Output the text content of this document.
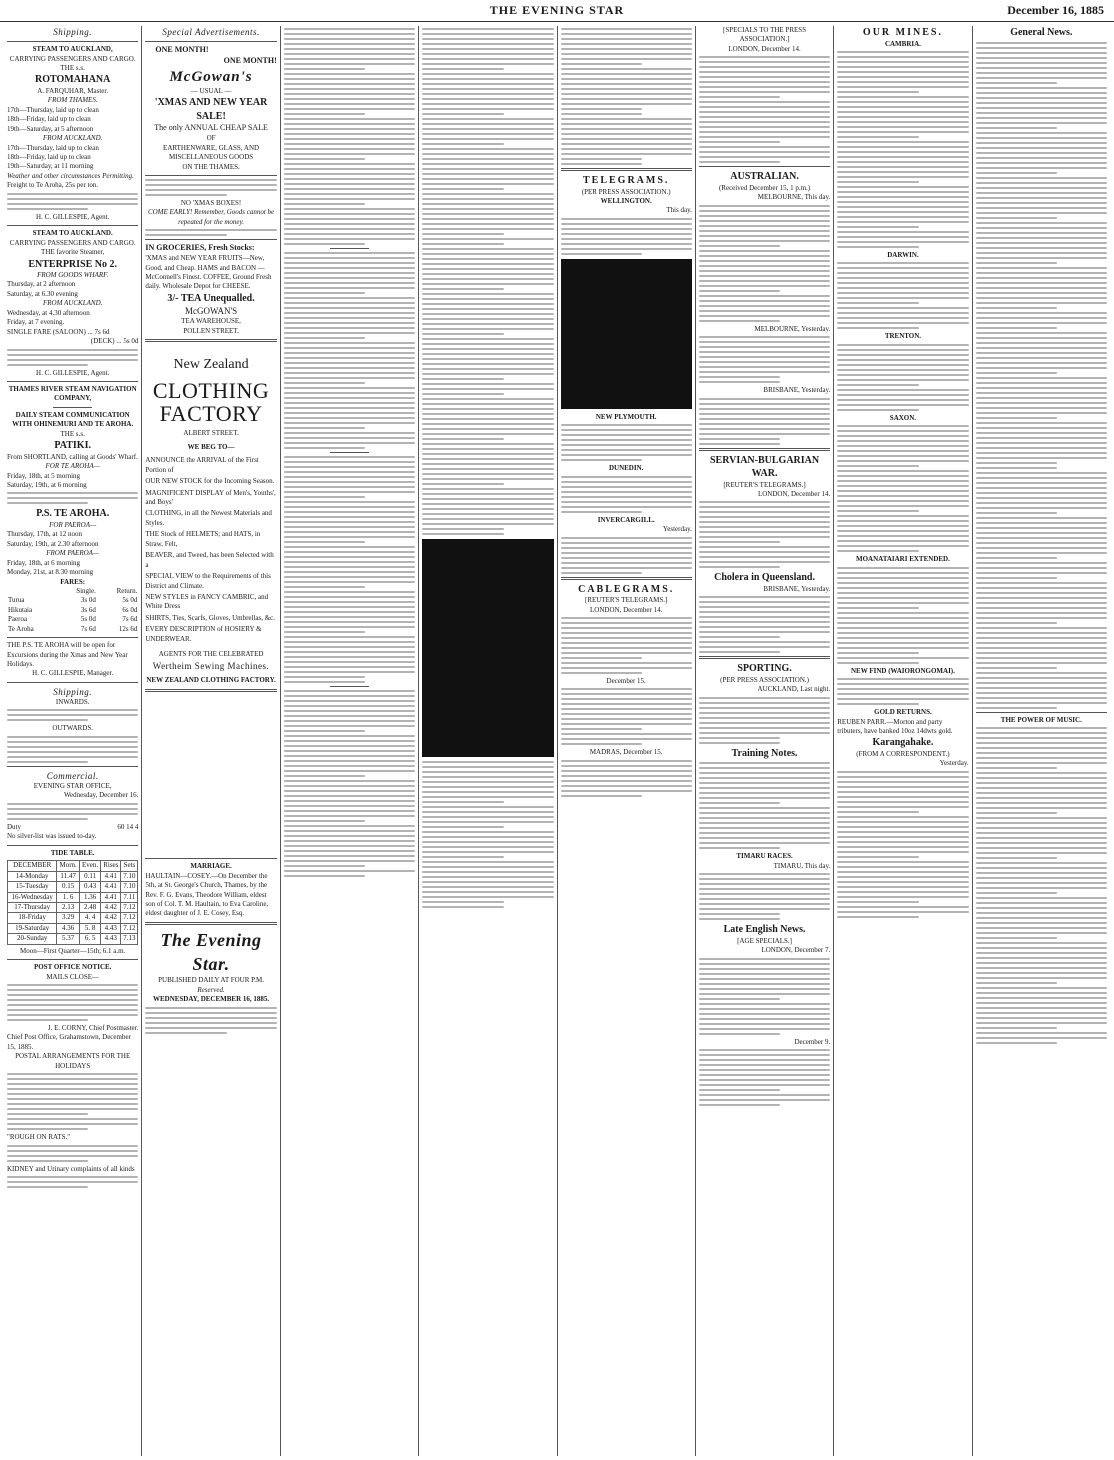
THE EVENING STAR	December 16, 1885
Shipping.
STEAM TO AUCKLAND,
CARRYING PASSENGERS AND CARGO.
THE s.s.
ROTOMAHANA
A. FARQUHAR, Master.
FROM THAMES.
17th—Thursday, laid up to clean
18th—Friday, laid up to clean
19th—Saturday, at 5 afternoon
FROM AUCKLAND.
17th—Thursday, laid up to clean
18th—Friday, laid up to clean
19th—Saturday, at 11 morning
Weather and other circumstances Permitting.
Freight to Te Aroha, 25s per ton.
H. C. GILLESPIE, Agent.
STEAM TO AUCKLAND.
CARRYING PASSENGERS AND CARGO.
THE favorite Steamer,
ENTERPRISE No 2.
FROM GOODS WHARF.
Thursday, at 2 afternoon
Saturday, at 6.30 evening
FROM AUCKLAND.
Wednesday, at 4.30 afternoon
Friday, at 7 evening.
SINGLE FARE (SALOON) ... 7s 6d
(DECK) ... 5s 0d
H. C. GILLESPIE, Agent.
THAMES RIVER STEAM NAVIGATION COMPANY,
DAILY STEAM COMMUNICATION WITH OHINEMURI AND TE AROHA.
THE s.s.
PATIKI.
From SHORTLAND, calling at Goods' Wharf.
FOR TE AROHA—
Friday, 18th, at 5 morning
Saturday, 19th, at 6 morning
P.S. TE AROHA.
FOR PAEROA—
Thursday, 17th, at 12 noon
Saturday, 19th, at 2.30 afternoon
FROM PAEROA—
Friday, 18th, at 6 morning
Monday, 21st, at 8.30 morning
FARES:
	Single.	Return.
Turua	3s 0d	5s 0d
Hikutaia	3s 6d	6s 0d
Paeroa	5s 0d	7s 6d
Te Aroha	7s 6d	12s 6d
THE P.S. TE AROHA will be open for Excursions during the Xmas and New Year Holidays.
H. C. GILLESPIE, Manager.
Shipping.
INWARDS.
OUTWARDS.
Commercial.
EVENING STAR OFFICE,
Wednesday, December 16.
Duty	60 14 4
No silver-list was issued to-day.
TIDE TABLE.
DECEMBER	Morn.	Even.	Rises	Sets
14-Monday	11.47	0.11	4.41	7.10
15-Tuesday	0.15	0.43	4.41	7.10
16-Wednesday	1. 6	1.36	4.41	7.11
17-Thursday	2.13	2.48	4.42	7.12
18-Friday	3.29	4. 4	4.42	7.12
19-Saturday	4.36	5. 8	4.43	7.12
20-Sunday	5.37	6. 5	4.43	7.13
Moon—First Quarter—15th; 6.1 a.m.
POST OFFICE NOTICE.
MAILS CLOSE—
J. E. CORNY, Chief Postmaster.
Chief Post Office, Grahamstown, December 15, 1885.
POSTAL ARRANGEMENTS FOR THE HOLIDAYS
"ROUGH ON RATS."
KIDNEY and Urinary complaints of all kinds
Special Advertisements.
ONE MONTH!
ONE MONTH!
McGowan's
— USUAL —
'XMAS AND NEW YEAR
SALE!
The only ANNUAL CHEAP SALE
OF
EARTHENWARE, GLASS, AND MISCELLANEOUS GOODS
ON THE THAMES.
NO 'XMAS BOXES!
COME EARLY! Remember, Goods cannot be repeated for the money.
IN GROCERIES, Fresh Stocks:
'XMAS and NEW YEAR FRUITS—New, Good, and Cheap. HAMS and BACON — McConnell's Finest. COFFEE, Ground Fresh daily. Wholesale Depot for CHEESE.
3/- TEA Unequalled.
McGOWAN'S
TEA WAREHOUSE,
POLLEN STREET.
New Zealand
CLOTHING FACTORY
ALBERT STREET.
WE BEG TO—
ANNOUNCE the ARRIVAL of the First Portion of
OUR NEW STOCK for the Incoming Season.
MAGNIFICENT DISPLAY of Men's, Youths', and Boys'
CLOTHING, in all the Newest Materials and Styles.
THE Stock of HELMETS; and HATS, in Straw, Felt,
BEAVER, and Tweed, has been Selected with a
SPECIAL VIEW to the Requirements of this District and Climate.
NEW STYLES in FANCY CAMBRIC, and White Dress
SHIRTS, Ties, Scarfs, Gloves, Umbrellas, &c.
EVERY DESCRIPTION of HOSIERY & UNDERWEAR.
AGENTS FOR THE CELEBRATED
Wertheim Sewing Machines.
NEW ZEALAND CLOTHING FACTORY.
MARRIAGE.
HAULTAIN—COSEY.—On December the 5th, at St. George's Church, Thames, by the Rev. F. G. Evans, Theodore William, eldest son of Col. T. M. Haultain, to Eva Caroline, eldest daughter of J. E. Cosey, Esq.
The Evening Star.
PUBLISHED DAILY AT FOUR P.M.
Reserved.
WEDNESDAY, DECEMBER 16, 1885.
TELEGRAMS.
(PER PRESS ASSOCIATION.)
WELLINGTON.
This day.
NEW PLYMOUTH.
DUNEDIN.
INVERCARGILL.
Yesterday.
CABLEGRAMS.
[REUTER'S TELEGRAMS.]
LONDON, December 14.
December 15.
MADRAS, December 15.
[SPECIALS TO THE PRESS ASSOCIATION.]
LONDON, December 14.
AUSTRALIAN.
(Received December 15, 1 p.m.)
MELBOURNE, This day.
MELBOURNE, Yesterday.
BRISBANE, Yesterday.
SERVIAN-BULGARIAN WAR.
[REUTER'S TELEGRAMS.]
LONDON, December 14.
Cholera in Queensland.
BRISBANE, Yesterday.
SPORTING.
(PER PRESS ASSOCIATION.)
AUCKLAND, Last night.
Training Notes.
TIMARU RACES.
TIMARU, This day.
Late English News.
[AGE SPECIALS.]
LONDON, December 7.
December 9.
OUR MINES.
CAMBRIA.
DARWIN.
TRENTON.
SAXON.
MOANATAIARI EXTENDED.
NEW FIND (WAIORONGOMAI).
GOLD RETURNS.
REUBEN PARR.—Morton and party tributers, have banked 10oz 14dwts gold.
Karangahake.
(FROM A CORRESPONDENT.)
Yesterday.
General News.
THE POWER OF MUSIC.
